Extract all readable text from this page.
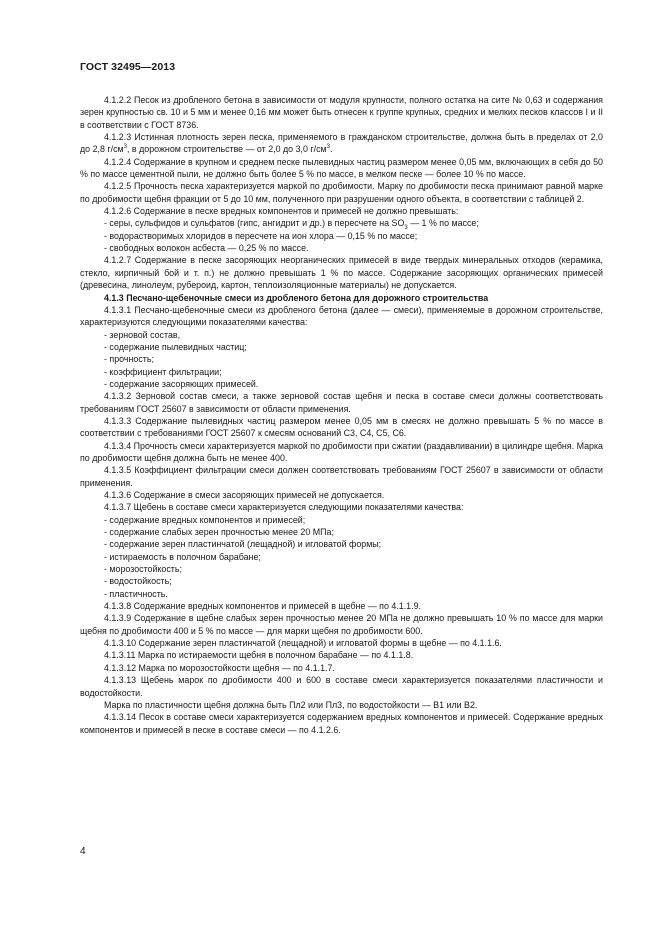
ГОСТ 32495—2013

4.1.2.2 Песок из дробленого бетона в зависимости от модуля крупности, полного остатка на сите № 0,63 и содержания зерен крупностью св. 10 и 5 мм и менее 0,16 мм может быть отнесен к группе крупных, средних и мелких песков классов I и II в соответствии с ГОСТ 8736.

4.1.2.3 Истинная плотность зерен песка, применяемого в гражданском строительстве, должна быть в пределах от 2,0 до 2,8 $г/см^3$, в дорожном строительстве — от 2,0 до 3,0 $г/см^3$.

4.1.2.4 Содержание в крупном и среднем песке пылевидных частиц размером менее 0,05 мм, включающих в себя до 50 % по массе цементной пыли, не должно быть более 5 % по массе, в мелком песке — более 10 % по массе.

4.1.2.5 Прочность песка характеризуется маркой по дробимости. Марку по дробимости песка принимают равной марке по дробимости щебня фракции от 5 до 10 мм, полученного при разрушении одного объекта, в соответствии с таблицей 2.

4.1.2.6 Содержание в песке вредных компонентов и примесей не должно превышать:

- серы, сульфидов и сульфатов (гипс, ангидрит и др.) в пересчете на $SO_3$ — 1 % по массе;

- водорастворимых хлоридов в пересчете на ион хлора — 0,15 % по массе;

- свободных волокон асбеста — 0,25 % по массе.

4.1.2.7 Содержание в песке засоряющих неорганических примесей в виде твердых минеральных отходов (керамика, стекло, кирпичный бой и т. п.) не должно превышать 1 % по массе. Содержание засоряющих органических примесей (древесина, линолеум, рубероид, картон, теплоизоляционные материалы) не допускается.

4.1.3 Песчано-щебеночные смеси из дробленого бетона для дорожного строительства

4.1.3.1 Песчано-щебеночные смеси из дробленого бетона (далее — смеси), применяемые в дорожном строительстве, характеризуются следующими показателями качества:

- зерновой состав,

- содержание пылевидных частиц;

- прочность;

- коэффициент фильтрации;

- содержание засоряющих примесей.

4.1.3.2 Зерновой состав смеси, а также зерновой состав щебня и песка в составе смеси должны соответствовать требованиям ГОСТ 25607 в зависимости от области применения.

4.1.3.3 Содержание пылевидных частиц размером менее 0,05 мм в смесях не должно превышать 5 % по массе в соответствии с требованиями ГОСТ 25607 к смесям оснований С3, С4, С5, С6.

4.1.3.4 Прочность смеси характеризуется маркой по дробимости при сжатии (раздавливании) в цилиндре щебня. Марка по дробимости щебня должна быть не менее 400.

4.1.3.5 Коэффициент фильтрации смеси должен соответствовать требованиям ГОСТ 25607 в зависимости от области применения.

4.1.3.6 Содержание в смеси засоряющих примесей не допускается.

4.1.3.7 Щебень в составе смеси характеризуется следующими показателями качества:

- содержание вредных компонентов и примесей;

- содержание слабых зерен прочностью менее 20 МПа;

- содержание зерен пластинчатой (лещадной) и игловатой формы;

- истираемость в полочном барабане;

- морозостойкость;

- водостойкость;

- пластичность.

4.1.3.8 Содержание вредных компонентов и примесей в щебне — по 4.1.1.9.

4.1.3.9 Содержание в щебне слабых зерен прочностью менее 20 МПа не должно превышать 10 % по массе для марки щебня по дробимости 400 и 5 % по массе — для марки щебня по дробимости 600.

4.1.3.10 Содержание зерен пластинчатой (лещадной) и игловатой формы в щебне — по 4.1.1.6.

4.1.3.11 Марка по истираемости щебня в полочном барабане — по 4.1.1.8.

4.1.3.12 Марка по морозостойкости щебня — по 4.1.1.7.

4.1.3.13 Щебень марок по дробимости 400 и 600 в составе смеси характеризуется показателями пластичности и водостойкости.

Марка по пластичности щебня должна быть Пл2 или Пл3, по водостойкости — В1 или В2.

4.1.3.14 Песок в составе смеси характеризуется содержанием вредных компонентов и примесей. Содержание вредных компонентов и примесей в песке в составе смеси — по 4.1.2.6.

4
